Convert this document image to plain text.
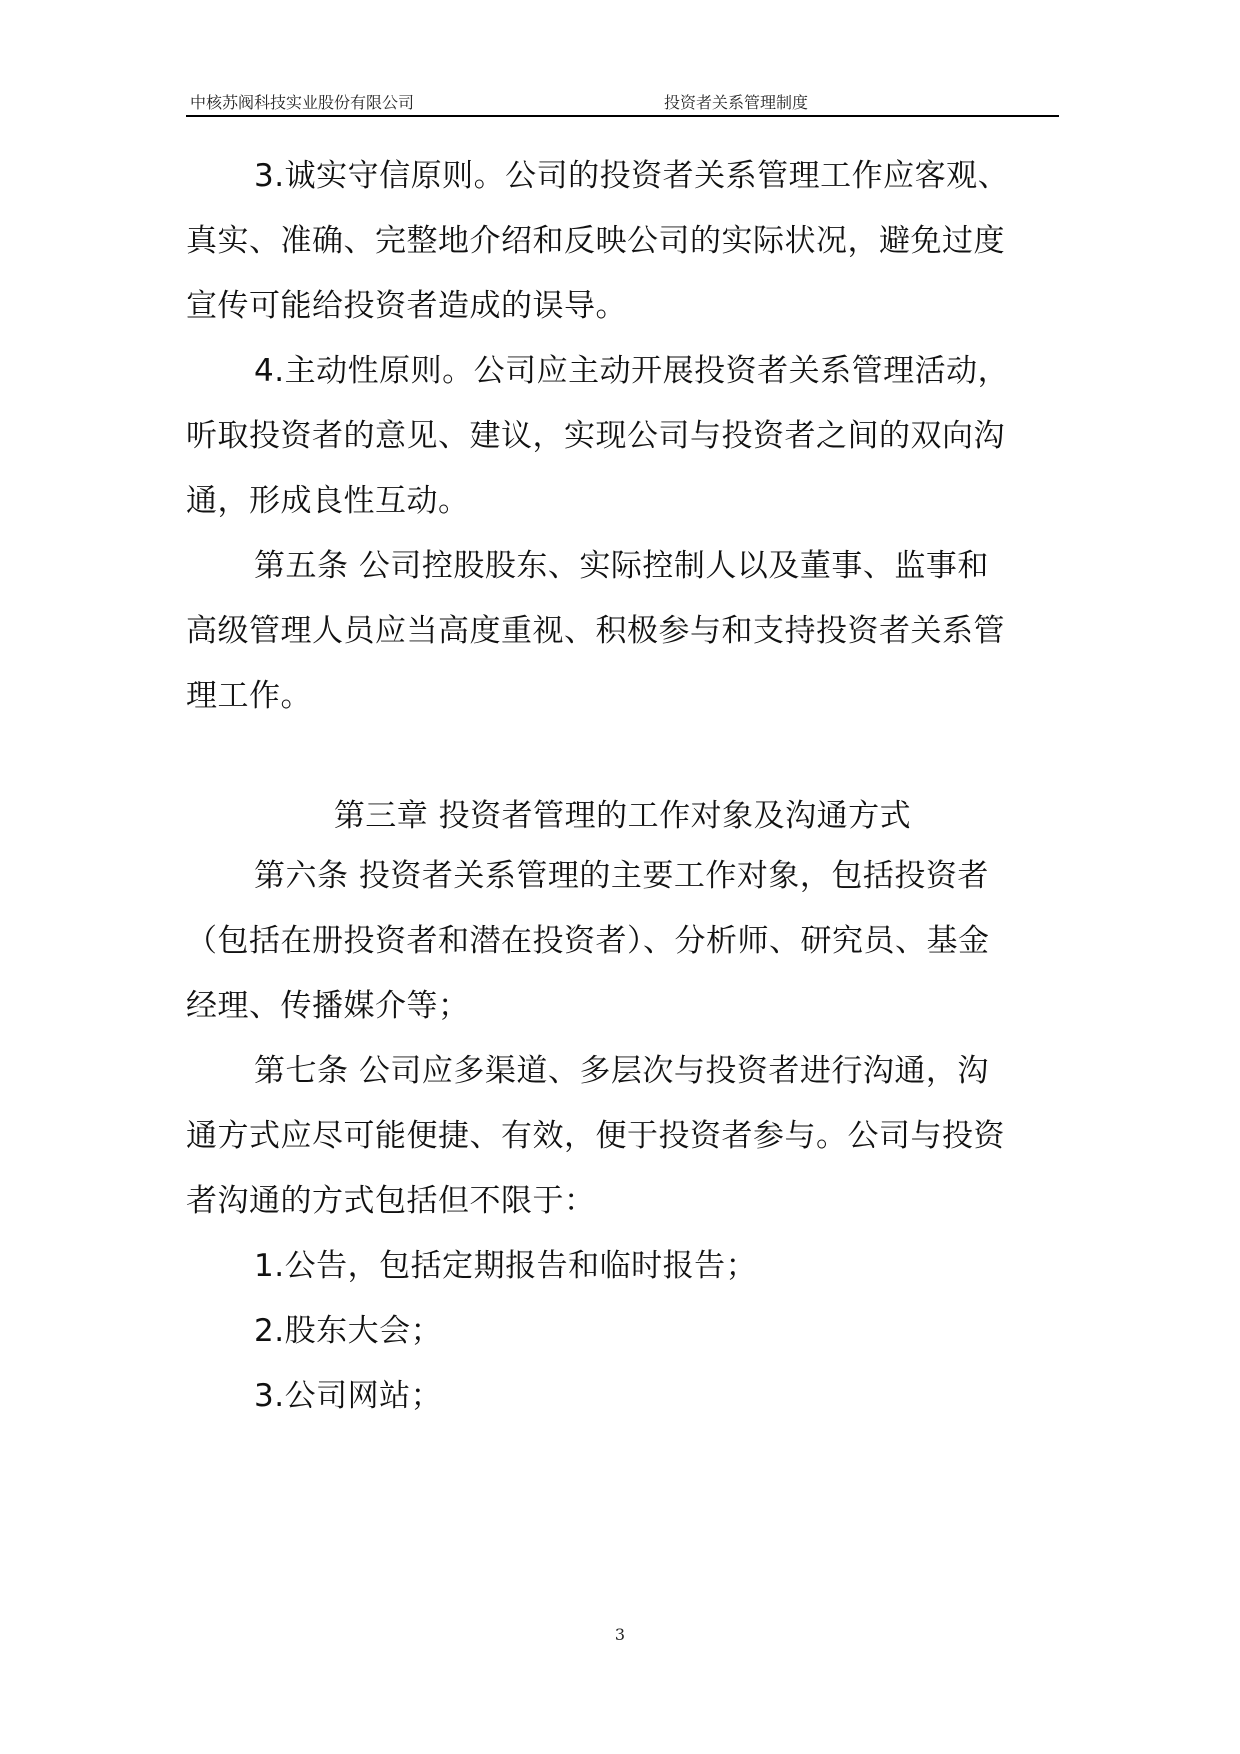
中核苏阀科技实业股份有限公司	投资者关系管理制度
3.诚实守信原则。公司的投资者关系管理工作应客观、
真实、准确、完整地介绍和反映公司的实际状况，避免过度
宣传可能给投资者造成的误导。
4.主动性原则。公司应主动开展投资者关系管理活动，
听取投资者的意见、建议，实现公司与投资者之间的双向沟
通，形成良性互动。
第五条 公司控股股东、实际控制人以及董事、监事和
高级管理人员应当高度重视、积极参与和支持投资者关系管
理工作。
第三章 投资者管理的工作对象及沟通方式
第六条 投资者关系管理的主要工作对象，包括投资者
（包括在册投资者和潜在投资者）、分析师、研究员、基金
经理、传播媒介等；
第七条 公司应多渠道、多层次与投资者进行沟通，沟
通方式应尽可能便捷、有效，便于投资者参与。公司与投资
者沟通的方式包括但不限于：
1.公告，包括定期报告和临时报告；
2.股东大会；
3.公司网站；
3
